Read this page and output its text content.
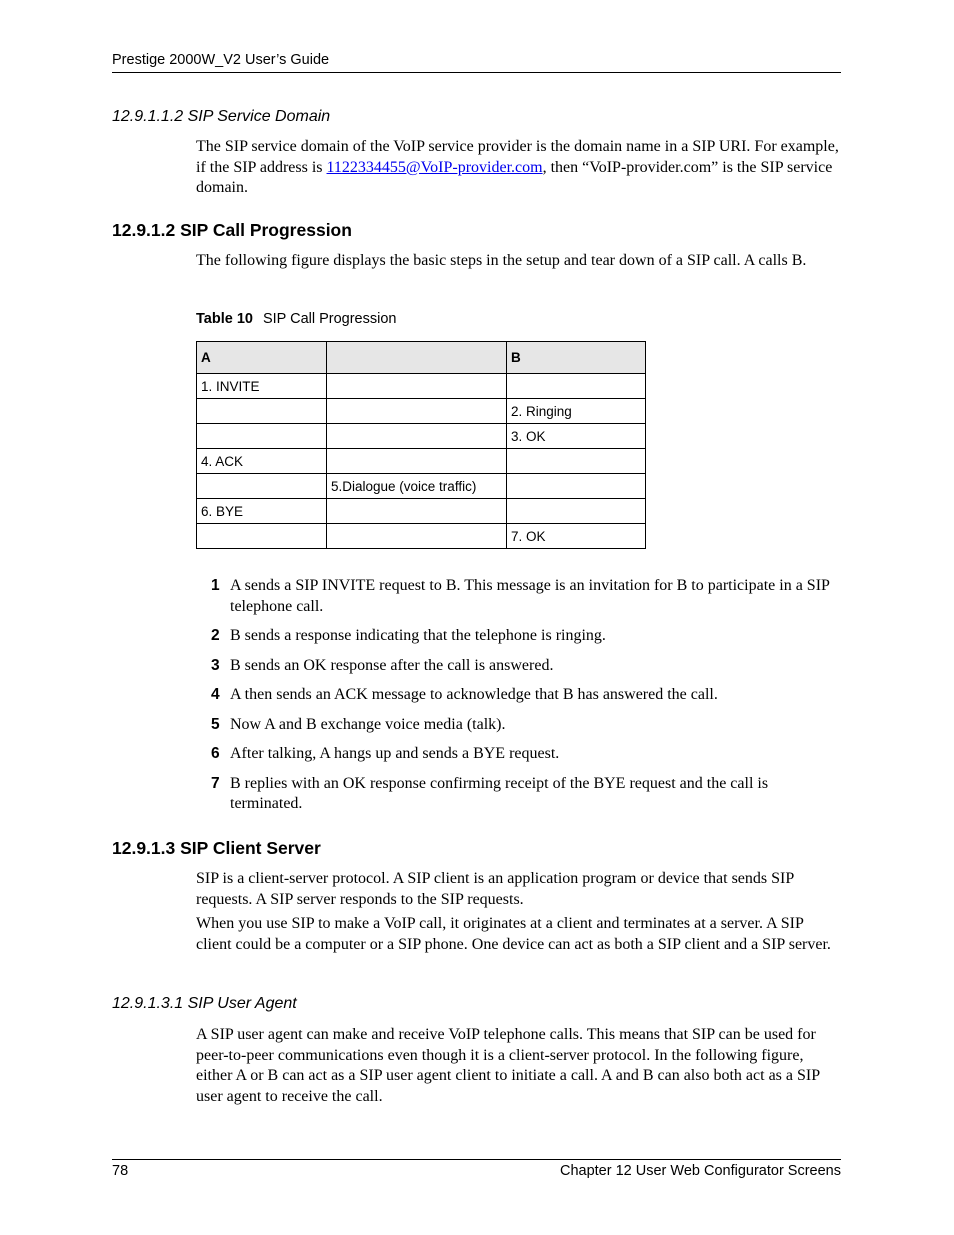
Prestige 2000W_V2 User’s Guide
12.9.1.1.2 SIP Service Domain
The SIP service domain of the VoIP service provider is the domain name in a SIP URI. For example, if the SIP address is 1122334455@VoIP-provider.com, then “VoIP-provider.com” is the SIP service domain.
12.9.1.2 SIP Call Progression
The following figure displays the basic steps in the setup and tear down of a SIP call. A calls B.
Table 10 SIP Call Progression
A		B
1. INVITE		
		2. Ringing
		3. OK
4. ACK		
	5.Dialogue (voice traffic)	
6. BYE		
		7. OK
1 A sends a SIP INVITE request to B. This message is an invitation for B to participate in a SIP telephone call.
2 B sends a response indicating that the telephone is ringing.
3 B sends an OK response after the call is answered.
4 A then sends an ACK message to acknowledge that B has answered the call.
5 Now A and B exchange voice media (talk).
6 After talking, A hangs up and sends a BYE request.
7 B replies with an OK response confirming receipt of the BYE request and the call is terminated.
12.9.1.3 SIP Client Server
SIP is a client-server protocol. A SIP client is an application program or device that sends SIP requests. A SIP server responds to the SIP requests.
When you use SIP to make a VoIP call, it originates at a client and terminates at a server. A SIP client could be a computer or a SIP phone. One device can act as both a SIP client and a SIP server.
12.9.1.3.1 SIP User Agent
A SIP user agent can make and receive VoIP telephone calls. This means that SIP can be used for peer-to-peer communications even though it is a client-server protocol. In the following figure, either A or B can act as a SIP user agent client to initiate a call. A and B can also both act as a SIP user agent to receive the call.
78	Chapter 12 User Web Configurator Screens
